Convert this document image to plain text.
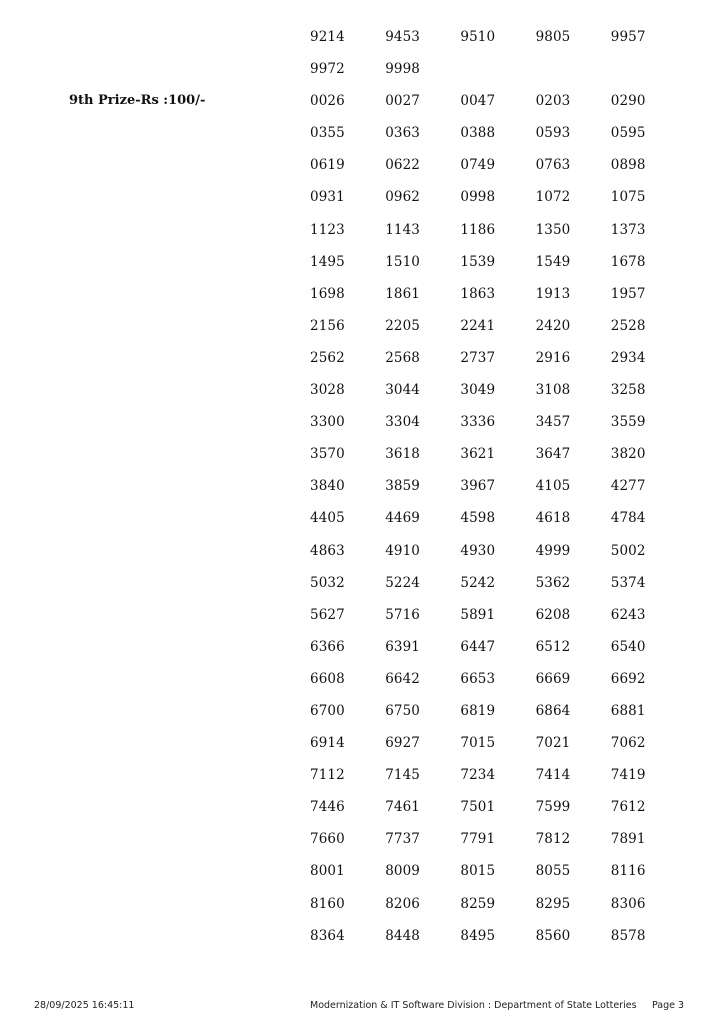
9th Prize-Rs :100/-
9214	9453	9510	9805	9957
9972	9998
0026	0027	0047	0203	0290
0355	0363	0388	0593	0595
0619	0622	0749	0763	0898
0931	0962	0998	1072	1075
1123	1143	1186	1350	1373
1495	1510	1539	1549	1678
1698	1861	1863	1913	1957
2156	2205	2241	2420	2528
2562	2568	2737	2916	2934
3028	3044	3049	3108	3258
3300	3304	3336	3457	3559
3570	3618	3621	3647	3820
3840	3859	3967	4105	4277
4405	4469	4598	4618	4784
4863	4910	4930	4999	5002
5032	5224	5242	5362	5374
5627	5716	5891	6208	6243
6366	6391	6447	6512	6540
6608	6642	6653	6669	6692
6700	6750	6819	6864	6881
6914	6927	7015	7021	7062
7112	7145	7234	7414	7419
7446	7461	7501	7599	7612
7660	7737	7791	7812	7891
8001	8009	8015	8055	8116
8160	8206	8259	8295	8306
8364	8448	8495	8560	8578
28/09/2025 16:45:11	Modernization & IT Software Division : Department of State Lotteries Page 3
